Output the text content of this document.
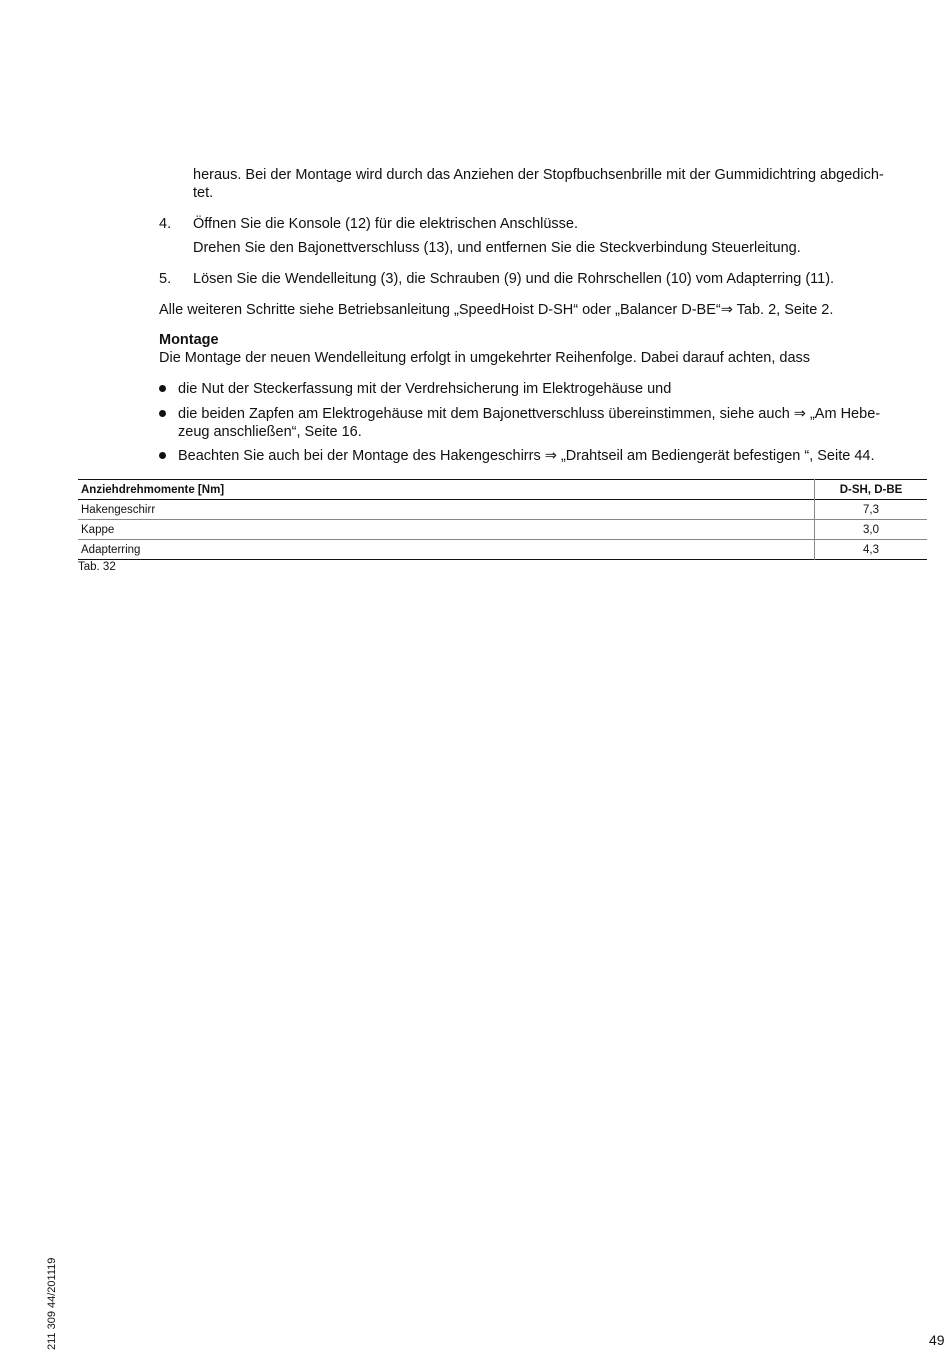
heraus. Bei der Montage wird durch das Anziehen der Stopfbuchsenbrille mit der Gummidichtring abgedich-
tet.
4. Öffnen Sie die Konsole (12) für die elektrischen Anschlüsse.
Drehen Sie den Bajonettverschluss (13), und entfernen Sie die Steckverbindung Steuerleitung.
5. Lösen Sie die Wendelleitung (3), die Schrauben (9) und die Rohrschellen (10) vom Adapterring (11).
Alle weiteren Schritte siehe Betriebsanleitung „SpeedHoist D-SH“ oder „Balancer D-BE“⇒ Tab. 2, Seite 2.
Montage
Die Montage der neuen Wendelleitung erfolgt in umgekehrter Reihenfolge. Dabei darauf achten, dass
die Nut der Steckerfassung mit der Verdrehsicherung im Elektrogehäuse und
die beiden Zapfen am Elektrogehäuse mit dem Bajonettverschluss übereinstimmen, siehe auch ⇒ „Am Hebe-
zeug anschließen“, Seite 16.
Beachten Sie auch bei der Montage des Hakengeschirrs ⇒ „Drahtseil am Bediengerät befestigen “, Seite 44.
Anziehdrehmomente [Nm]	D-SH, D-BE
Hakengeschirr	7,3
Kappe	3,0
Adapterring	4,3
Tab. 32
211 309 44/201119	49
